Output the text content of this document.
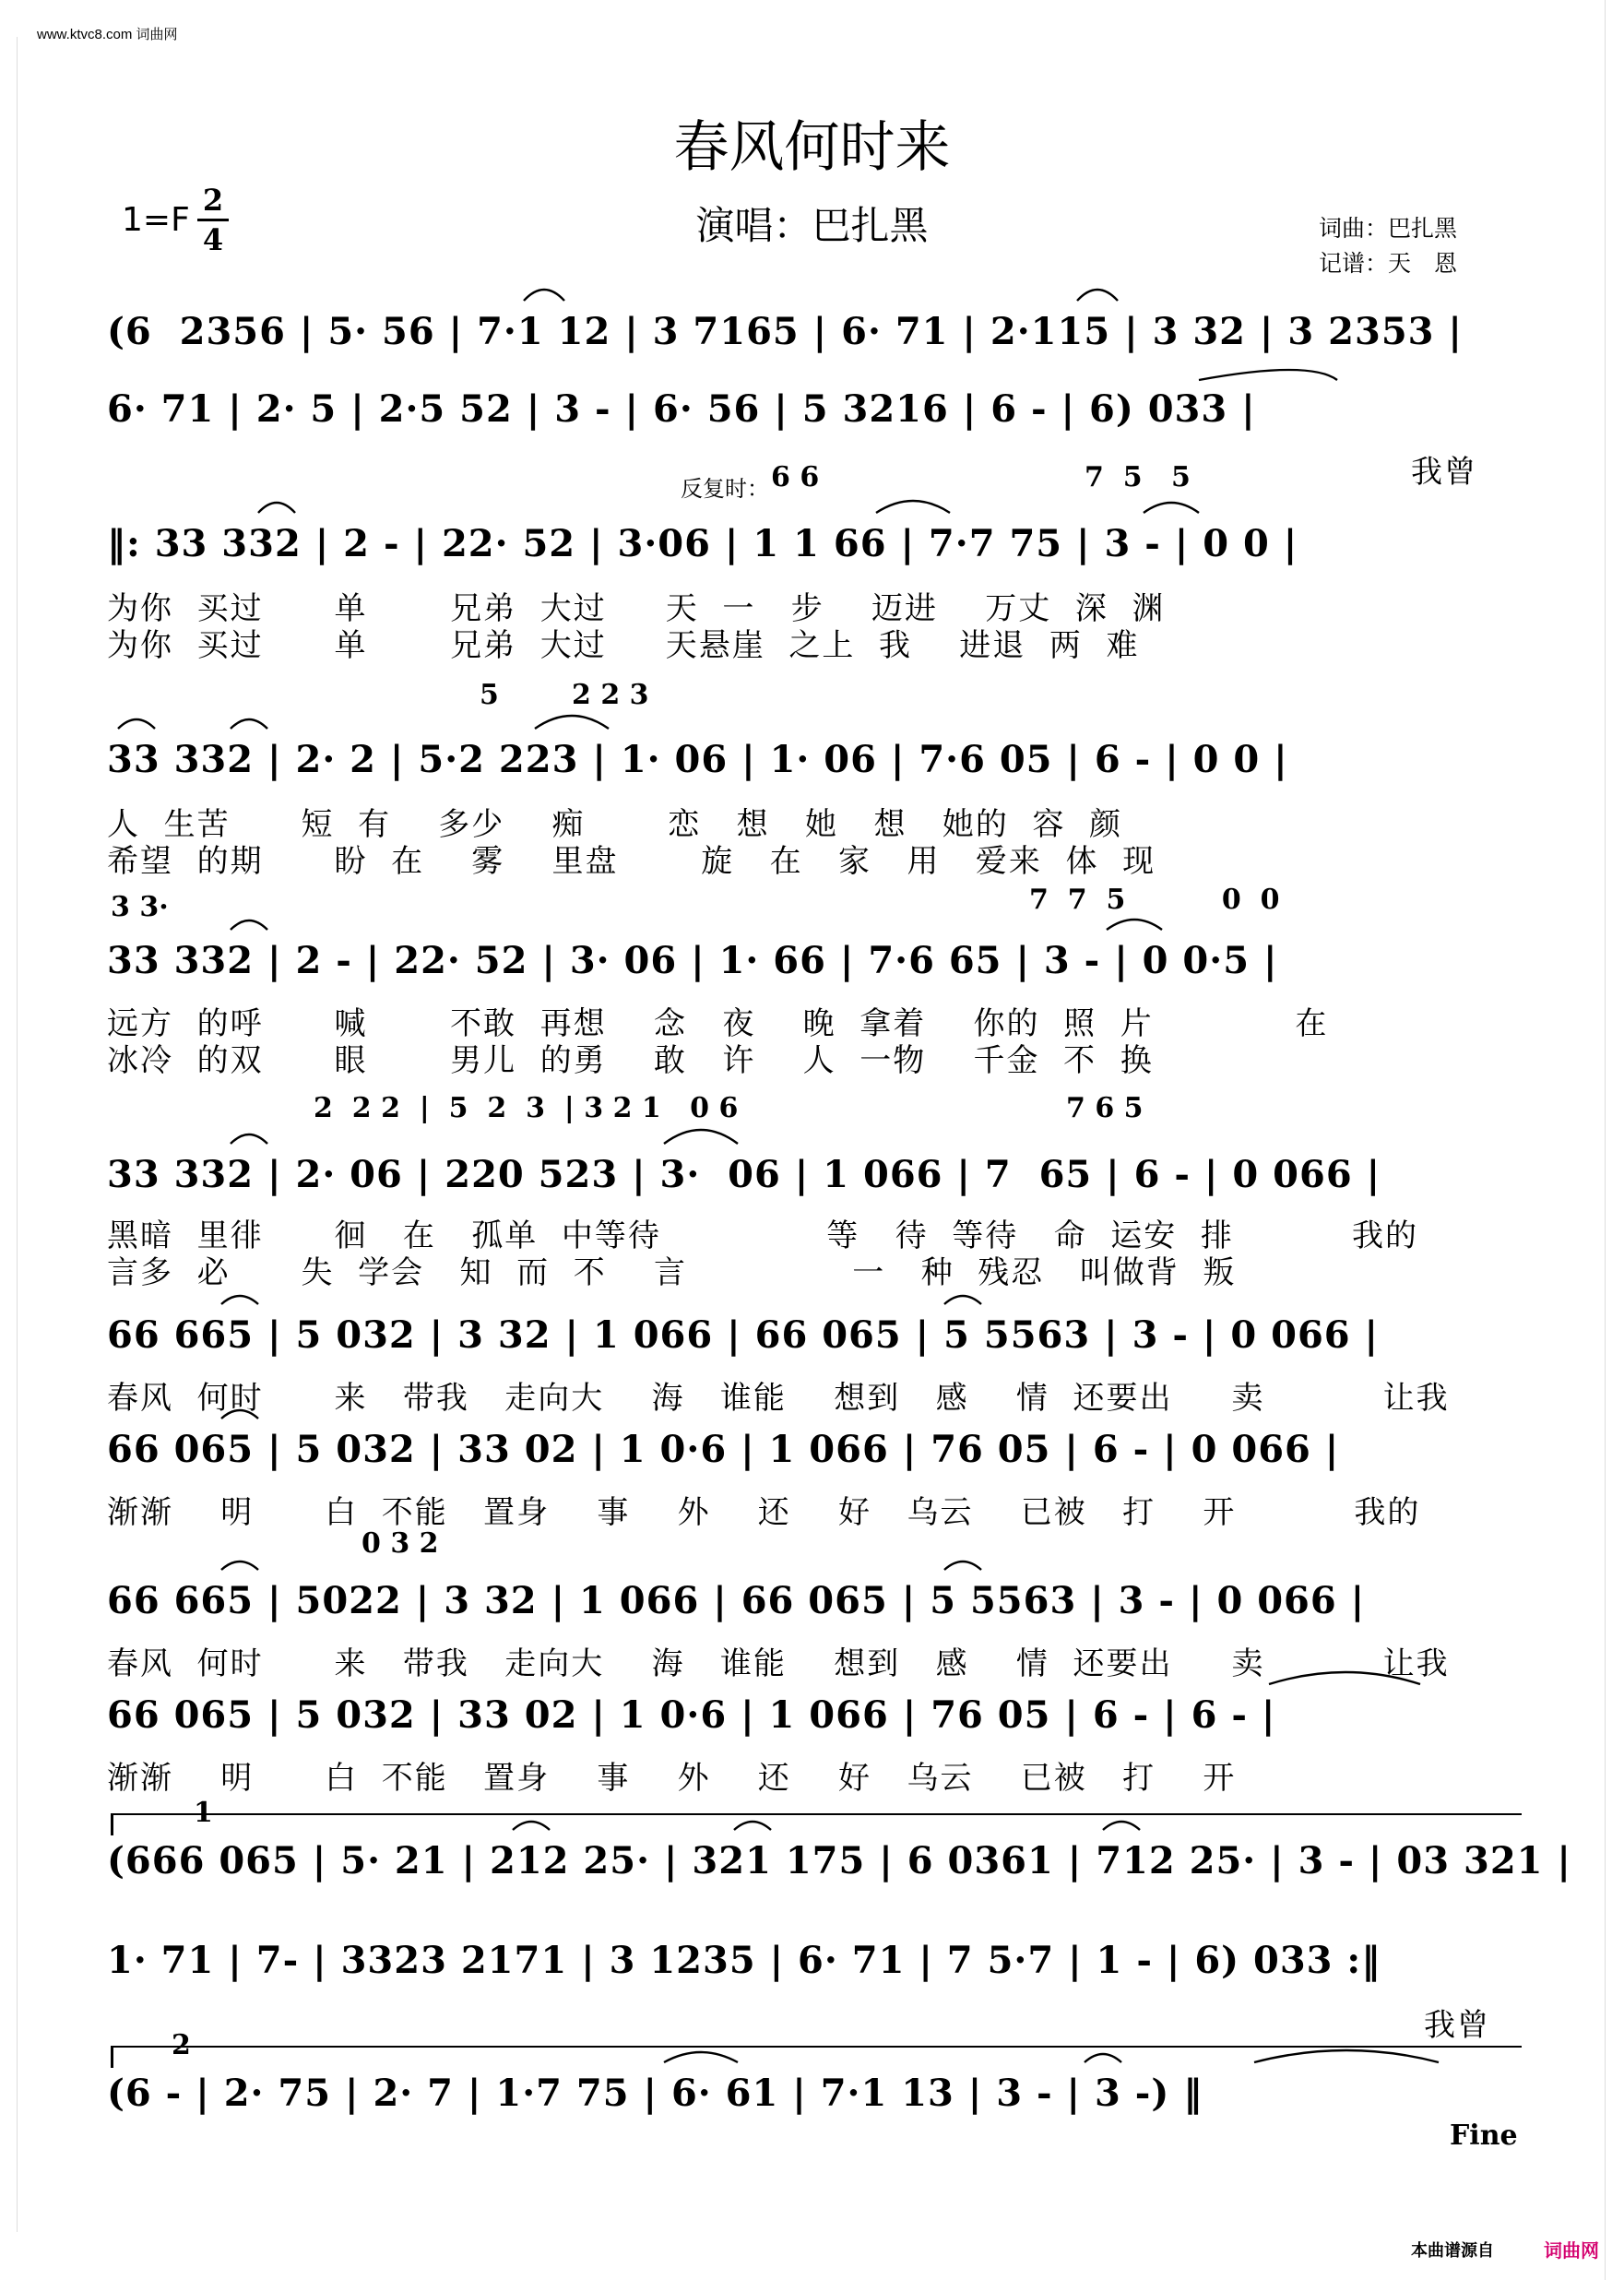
www.ktvc8.com 词曲网
春风何时来
1=F
2
4	演唱：巴扎黑	词曲：巴扎黑
记谱：天　恩
(6  2356 | 5· 56 | 7·1 12 | 3 7165 | 6· 71 | 2·115 | 3 32 | 3 2353 |
6· 71 | 2· 5 | 2·5 52 | 3 - | 6· 56 | 5 3216 | 6 - | 6) 033 |
我曾
反复时： 6 6	7  5   5
‖: 33 332 | 2 - | 22· 52 | 3·06 | 1 1 66 | 7·7 75 | 3 - | 0 0 |
为你  买过      单       兄弟  大过     天  一   步    迈进    万丈  深  渊
为你  买过      单       兄弟  大过     天悬崖  之上  我    进退  两  难
5	2 2 3
33 332 | 2· 2 | 5·2 223 | 1· 06 | 1· 06 | 7·6 05 | 6 - | 0 0 |
人  生苦      短  有    多少    痴       恋   想   她   想   她的  容  颜
希望  的期      盼  在    雾    里盘       旋   在   家   用   爱来  体  现
3 3·	7  7  5          0  0
33 332 | 2 - | 22· 52 | 3· 06 | 1· 66 | 7·6 65 | 3 - | 0 0·5 |
远方  的呼      喊       不敢  再想    念   夜    晚  拿着    你的  照  片            在
冰冷  的双      眼       男儿  的勇    敢   许    人  一物    千金  不  换
2  2 2  |  5  2  3  | 3 2 1   0 6	7 6 5
33 332 | 2· 06 | 220 523 | 3·  06 | 1 066 | 7  65 | 6 - | 0 066 |
黑暗  里徘      徊   在   孤单  中等待              等   待  等待   命  运安  排          我的
言多  必      失  学会   知  而  不    言              一   种  残忍   叫做背  叛
66 665 | 5 032 | 3 32 | 1 066 | 66 065 | 5 5563 | 3 - | 0 066 |
春风  何时      来   带我   走向大    海   谁能    想到   感    情  还要出     卖          让我
66 065 | 5 032 | 33 02 | 1 0·6 | 1 066 | 76 05 | 6 - | 0 066 |
渐渐    明      白  不能   置身    事    外    还    好   乌云    已被   打    开          我的
0 3 2
66 665 | 5022 | 3 32 | 1 066 | 66 065 | 5 5563 | 3 - | 0 066 |
春风  何时      来   带我   走向大    海   谁能    想到   感    情  还要出     卖          让我
66 065 | 5 032 | 33 02 | 1 0·6 | 1 066 | 76 05 | 6 - | 6 - |
渐渐    明      白  不能   置身    事    外    还    好   乌云    已被   打    开
1
(666 065 | 5· 21 | 212 25· | 321 175 | 6 0361 | 712 25· | 3 - | 03 321 |
1· 71 | 7- | 3323 2171 | 3 1235 | 6· 71 | 7 5·7 | 1 - | 6) 033 :‖
我曾
2
(6 - | 2· 75 | 2· 7 | 1·7 75 | 6· 61 | 7·1 13 | 3 - | 3 -) ‖
Fine
本曲谱源自	词曲网
